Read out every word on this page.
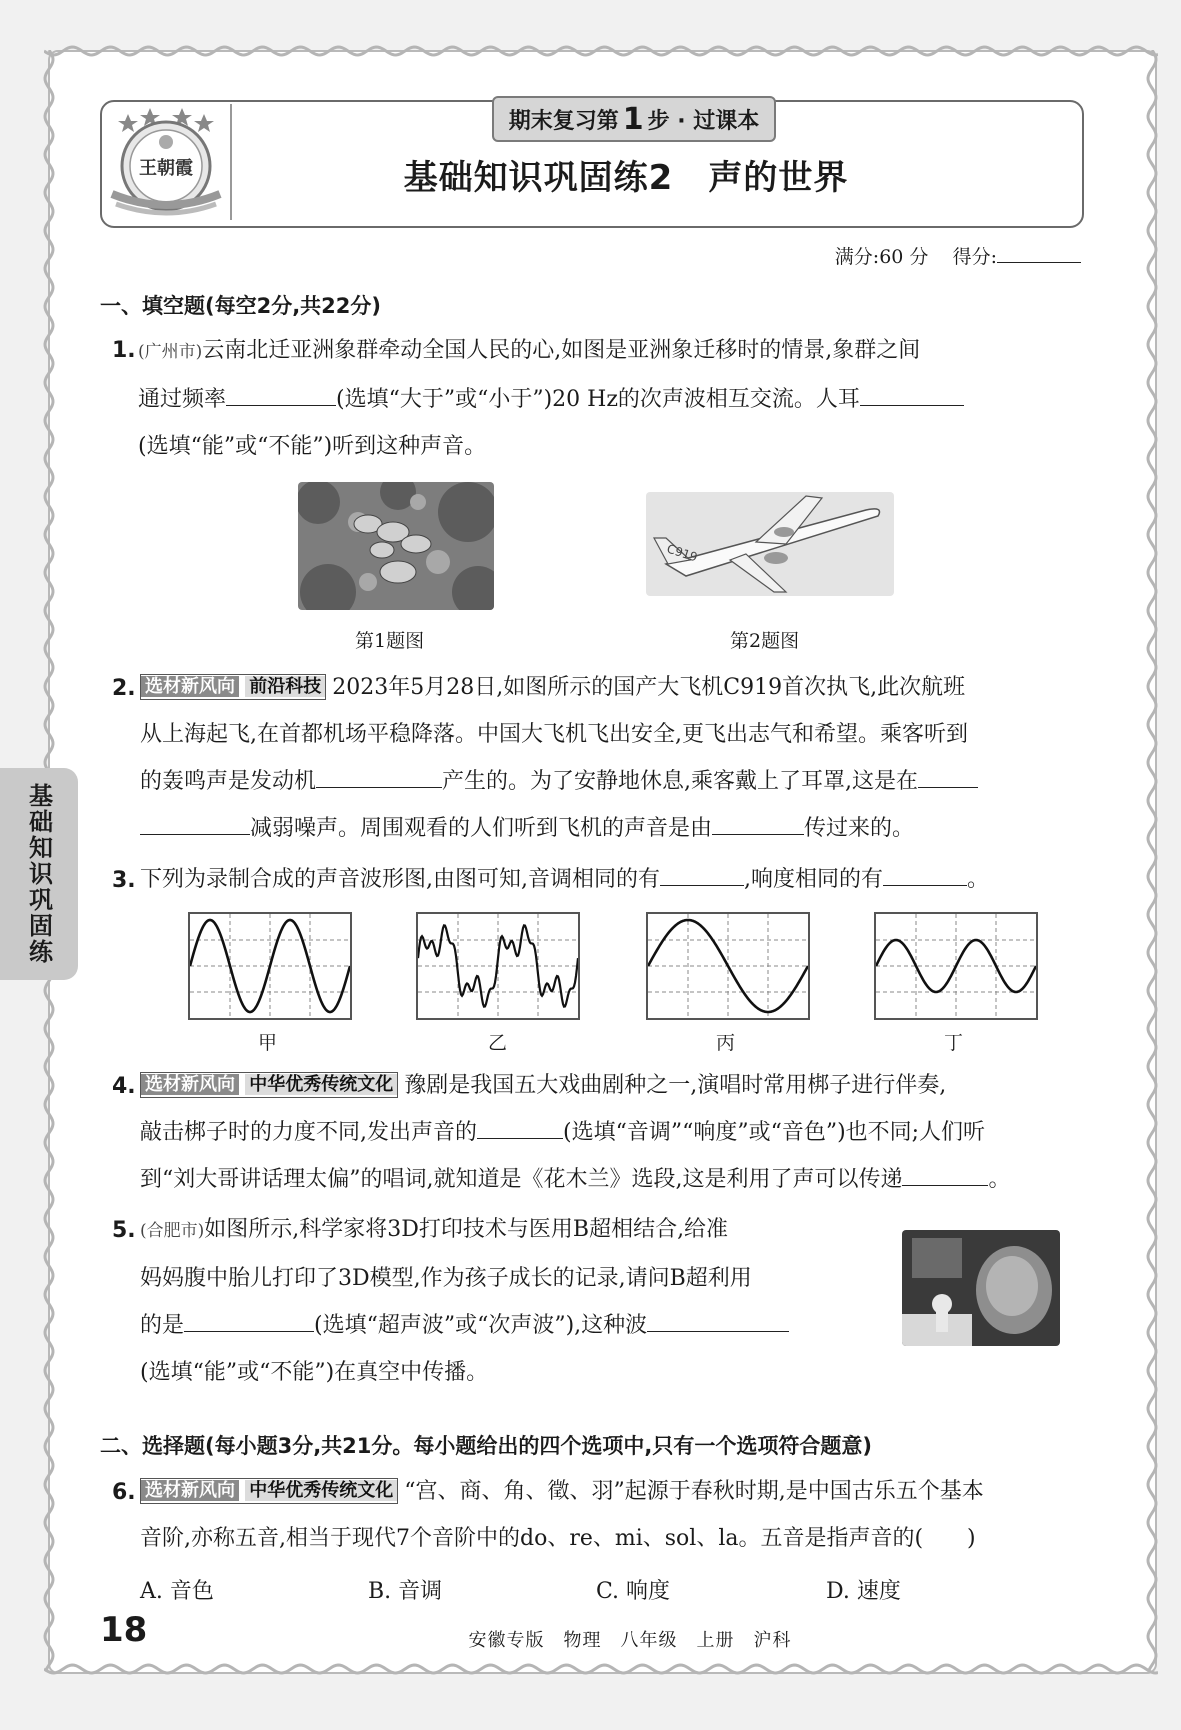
王朝霞
期末复习第 1 步 · 过课本
基础知识巩固练2　声的世界
满分:60 分 得分:
基础知识巩固练
一、填空题(每空2分,共22分)
1. (广州市)云南北迁亚洲象群牵动全国人民的心,如图是亚洲象迁移时的情景,象群之间
通过频率	(选填“大于”或“小于”)20 Hz的次声波相互交流。人耳
(选填“能”或“不能”)听到这种声音。
C919
第1题图	第2题图
2. 选材新风向 前沿科技 2023年5月28日,如图所示的国产大飞机C919首次执飞,此次航班
从上海起飞,在首都机场平稳降落。中国大飞机飞出安全,更飞出志气和希望。乘客听到
的轰鸣声是发动机	产生的。为了安静地休息,乘客戴上了耳罩,这是在
减弱噪声。周围观看的人们听到飞机的声音是由	传过来的。
3. 下列为录制合成的声音波形图,由图可知,音调相同的有	,响度相同的有	。
甲	乙	丙	丁
4. 选材新风向 中华优秀传统文化 豫剧是我国五大戏曲剧种之一,演唱时常用梆子进行伴奏,
敲击梆子时的力度不同,发出声音的	(选填“音调”“响度”或“音色”)也不同;人们听
到“刘大哥讲话理太偏”的唱词,就知道是《花木兰》选段,这是利用了声可以传递	。
5. (合肥市)如图所示,科学家将3D打印技术与医用B超相结合,给准
妈妈腹中胎儿打印了3D模型,作为孩子成长的记录,请问B超利用
的是	(选填“超声波”或“次声波”),这种波
(选填“能”或“不能”)在真空中传播。
二、选择题(每小题3分,共21分。每小题给出的四个选项中,只有一个选项符合题意)
6. 选材新风向 中华优秀传统文化 “宫、商、角、徵、羽”起源于春秋时期,是中国古乐五个基本
音阶,亦称五音,相当于现代7个音阶中的do、re、mi、sol、la。五音是指声音的(　　)
A. 音色	B. 音调	C. 响度	D. 速度
18	安徽专版　物理　八年级　上册　沪科
